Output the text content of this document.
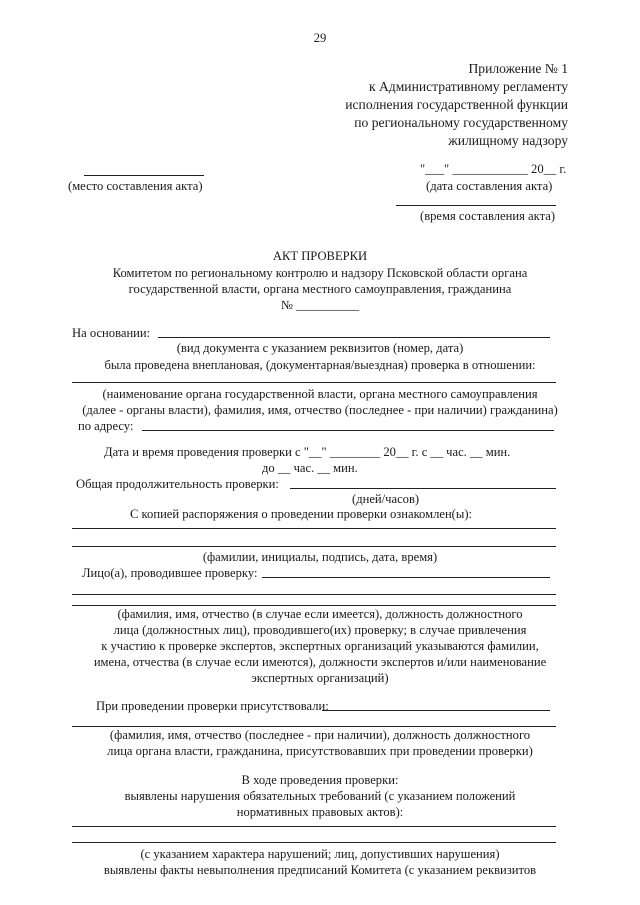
29
Приложение № 1
к Административному регламенту
исполнения государственной функции
по региональному государственному
жилищному надзору
(место составления акта)
"___" ____________ 20__ г.
(дата составления акта)
(время составления акта)
АКТ ПРОВЕРКИ
Комитетом по региональному контролю и надзору Псковской области органа
государственной власти, органа местного самоуправления, гражданина
№ __________
На основании:
(вид документа с указанием реквизитов (номер, дата)
была проведена внеплановая, (документарная/выездная) проверка в отношении:
(наименование органа государственной власти, органа местного самоуправления
(далее - органы власти), фамилия, имя, отчество (последнее - при наличии) гражданина)
по адресу:
Дата и время проведения проверки с "__" ________ 20__ г. с __ час. __ мин.
до __ час. __ мин.
Общая продолжительность проверки:
(дней/часов)
С копией распоряжения о проведении проверки ознакомлен(ы):
(фамилии, инициалы, подпись, дата, время)
Лицо(а), проводившее проверку:
(фамилия, имя, отчество (в случае если имеется), должность должностного
лица (должностных лиц), проводившего(их) проверку; в случае привлечения
к участию к проверке экспертов, экспертных организаций указываются фамилии,
имена, отчества (в случае если имеются), должности экспертов и/или наименование
экспертных организаций)
При проведении проверки присутствовали:
(фамилия, имя, отчество (последнее - при наличии), должность должностного
лица органа власти, гражданина, присутствовавших при проведении проверки)
В ходе проведения проверки:
выявлены нарушения обязательных требований (с указанием положений
нормативных правовых актов):
(с указанием характера нарушений; лиц, допустивших нарушения)
выявлены факты невыполнения предписаний Комитета (с указанием реквизитов
